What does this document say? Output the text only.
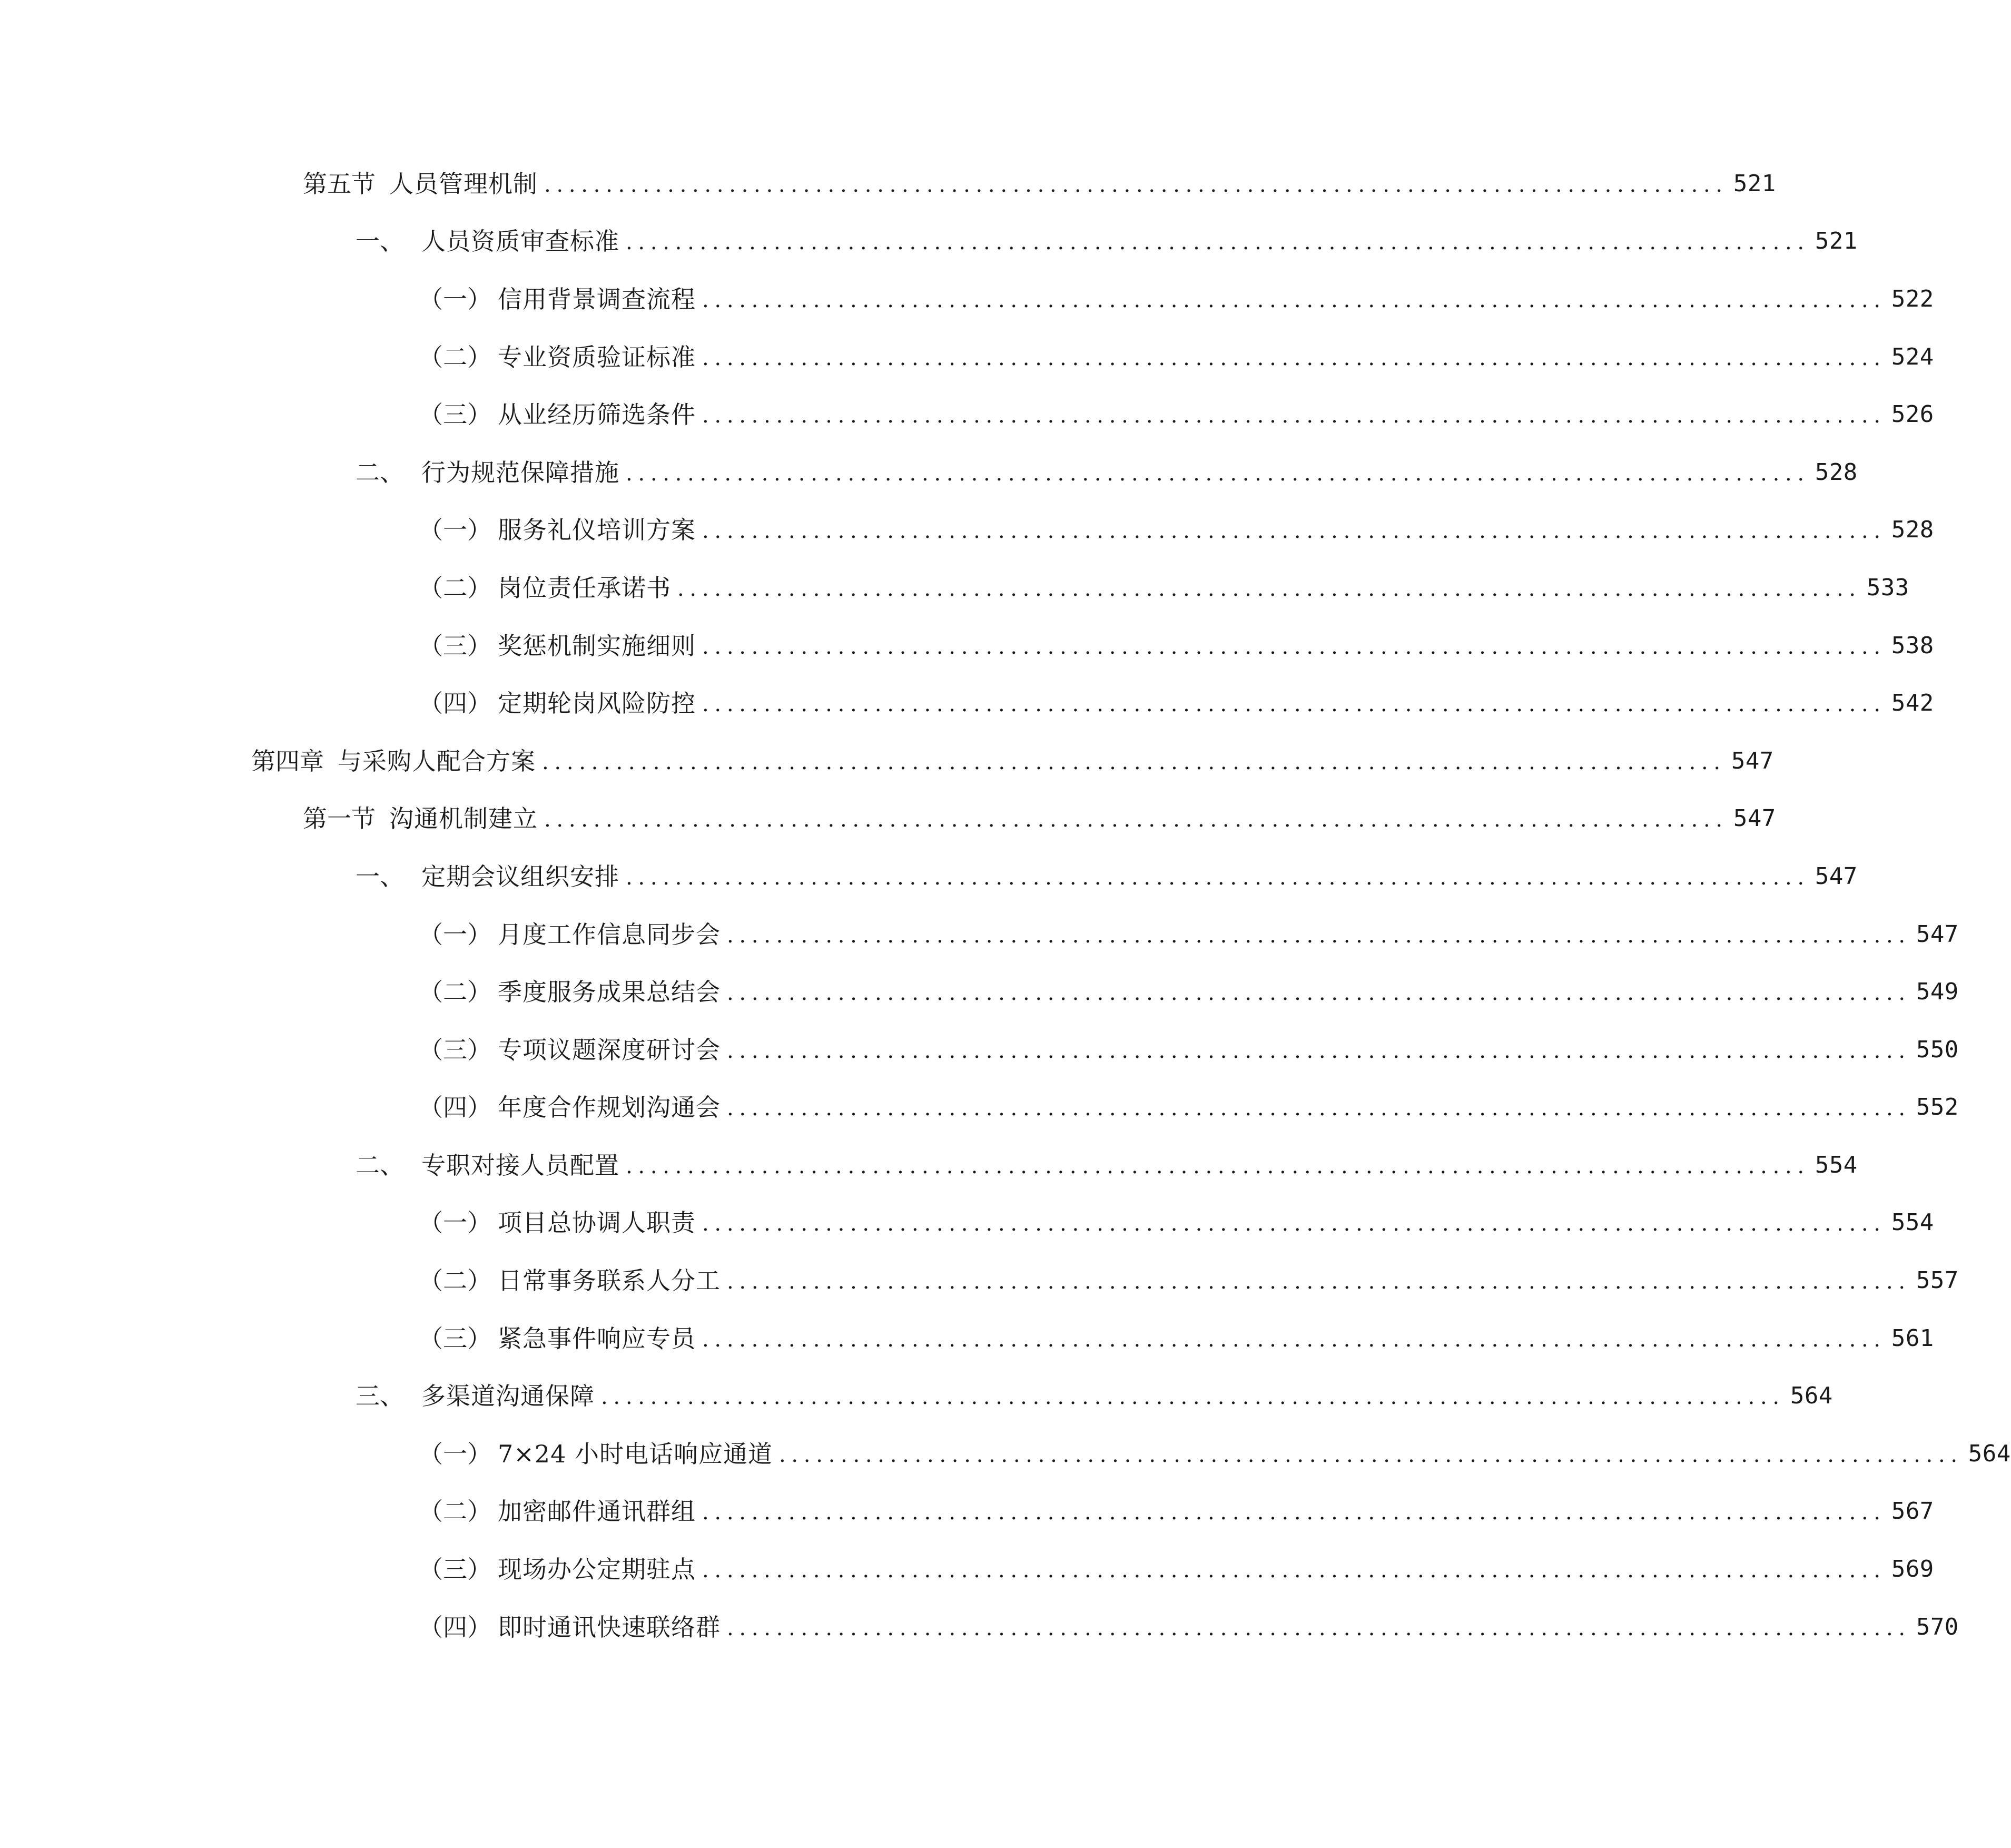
第五节 人员管理机制 ................................................................................................ 521
一、 人员资质审查标准 ................................................................................................ 521
（一） 信用背景调查流程 ................................................................................................ 522
（二） 专业资质验证标准 ................................................................................................ 524
（三） 从业经历筛选条件 ................................................................................................ 526
二、 行为规范保障措施 ................................................................................................ 528
（一） 服务礼仪培训方案 ................................................................................................ 528
（二） 岗位责任承诺书 ................................................................................................ 533
（三） 奖惩机制实施细则 ................................................................................................ 538
（四） 定期轮岗风险防控 ................................................................................................ 542
第四章 与采购人配合方案 ................................................................................................ 547
第一节 沟通机制建立 ................................................................................................ 547
一、 定期会议组织安排 ................................................................................................ 547
（一） 月度工作信息同步会 ................................................................................................ 547
（二） 季度服务成果总结会 ................................................................................................ 549
（三） 专项议题深度研讨会 ................................................................................................ 550
（四） 年度合作规划沟通会 ................................................................................................ 552
二、 专职对接人员配置 ................................................................................................ 554
（一） 项目总协调人职责 ................................................................................................ 554
（二） 日常事务联系人分工 ................................................................................................ 557
（三） 紧急事件响应专员 ................................................................................................ 561
三、 多渠道沟通保障 ................................................................................................ 564
（一） 7×24 小时电话响应通道 ................................................................................................ 564
（二） 加密邮件通讯群组 ................................................................................................ 567
（三） 现场办公定期驻点 ................................................................................................ 569
（四） 即时通讯快速联络群 ................................................................................................ 570
